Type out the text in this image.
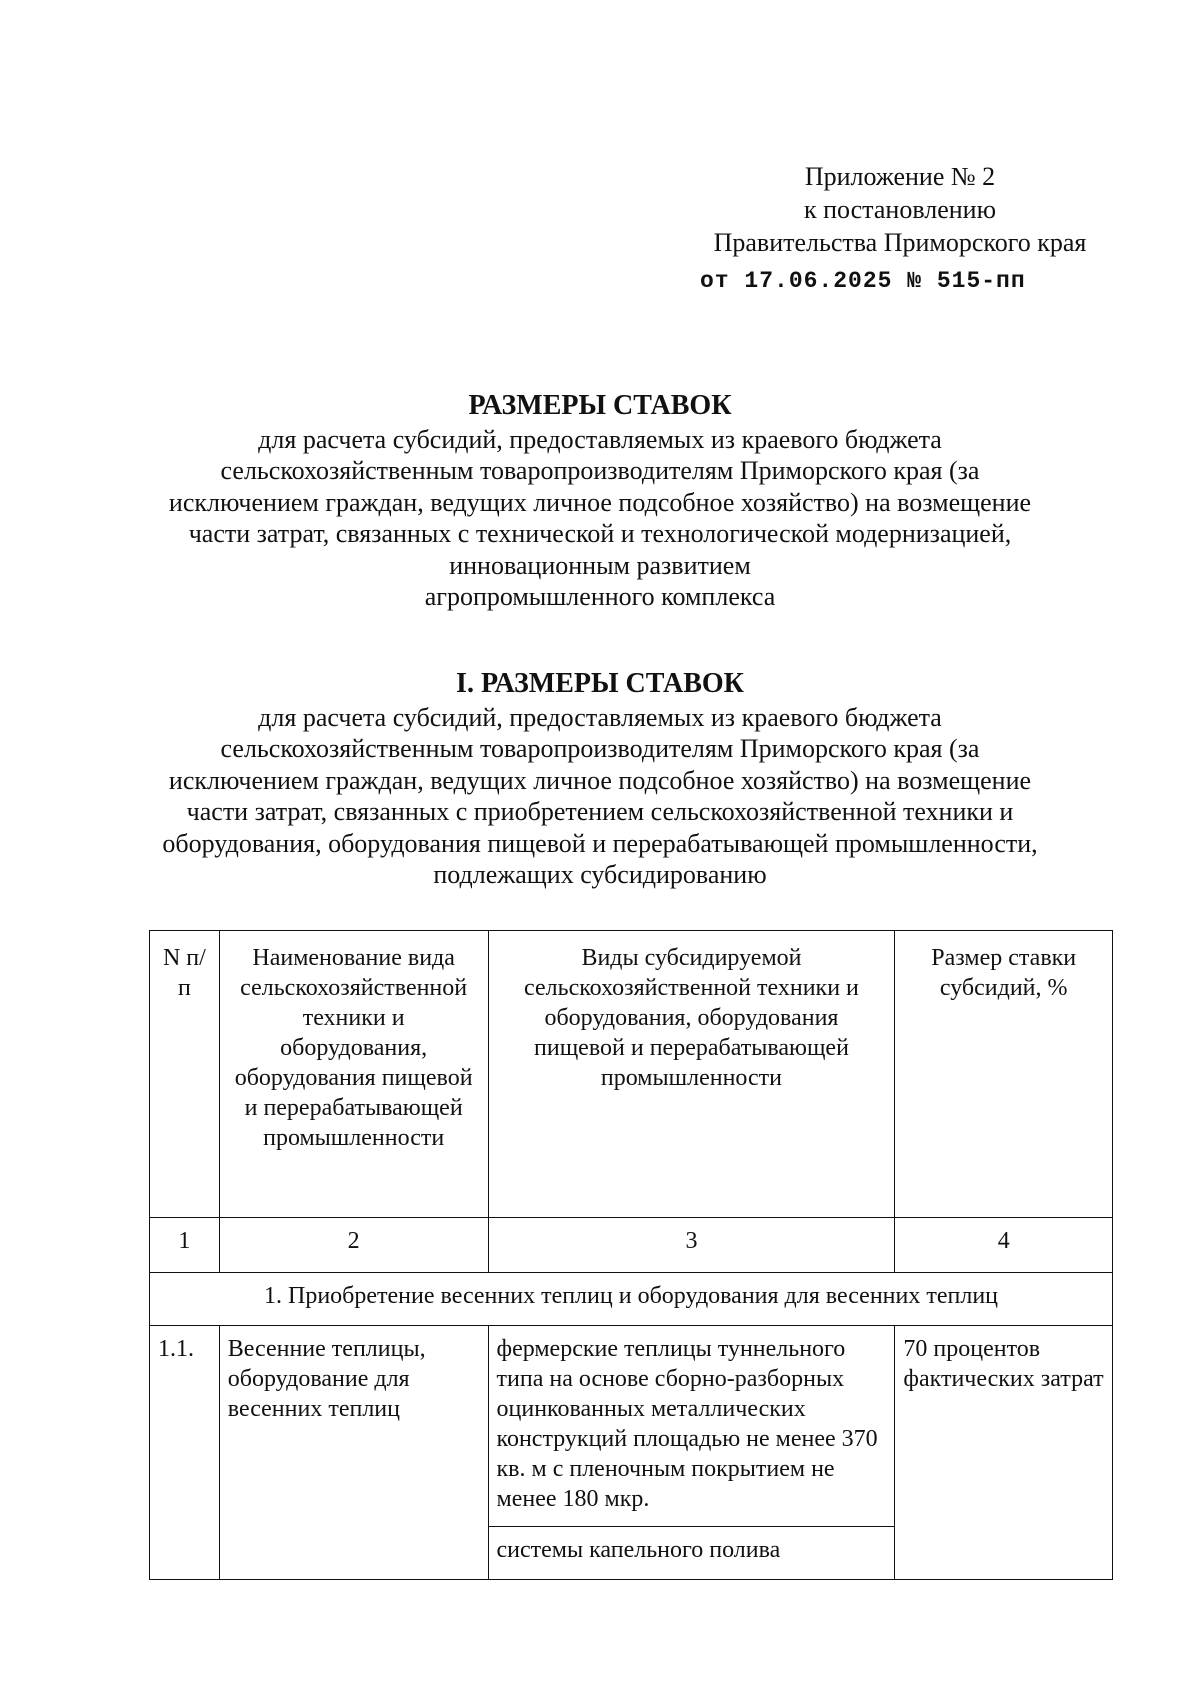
Приложение № 2
к постановлению
Правительства Приморского края
от 17.06.2025 № 515-пп
РАЗМЕРЫ СТАВОК
для расчета субсидий, предоставляемых из краевого бюджета
сельскохозяйственным товаропроизводителям Приморского края (за
исключением граждан, ведущих личное подсобное хозяйство) на возмещение
части затрат, связанных с технической и технологической модернизацией,
инновационным развитием
агропромышленного комплекса
I. РАЗМЕРЫ СТАВОК
для расчета субсидий, предоставляемых из краевого бюджета
сельскохозяйственным товаропроизводителям Приморского края (за
исключением граждан, ведущих личное подсобное хозяйство) на возмещение
части затрат, связанных с приобретением сельскохозяйственной техники и
оборудования, оборудования пищевой и перерабатывающей промышленности,
подлежащих субсидированию
N п/п	Наименование вида сельскохозяйственной техники и оборудования, оборудования пищевой и перерабатывающей промышленности	Виды субсидируемой сельскохозяйственной техники и оборудования, оборудования пищевой и перерабатывающей промышленности	Размер ставки субсидий, %
1	2	3	4
1. Приобретение весенних теплиц и оборудования для весенних теплиц			
1.1.	Весенние теплицы, оборудование для весенних теплиц	фермерские теплицы туннельного типа на основе сборно-разборных оцинкованных металлических конструкций площадью не менее 370 кв. м с пленочным покрытием не менее 180 мкр.	70 процентов фактических затрат
		системы капельного полива	
